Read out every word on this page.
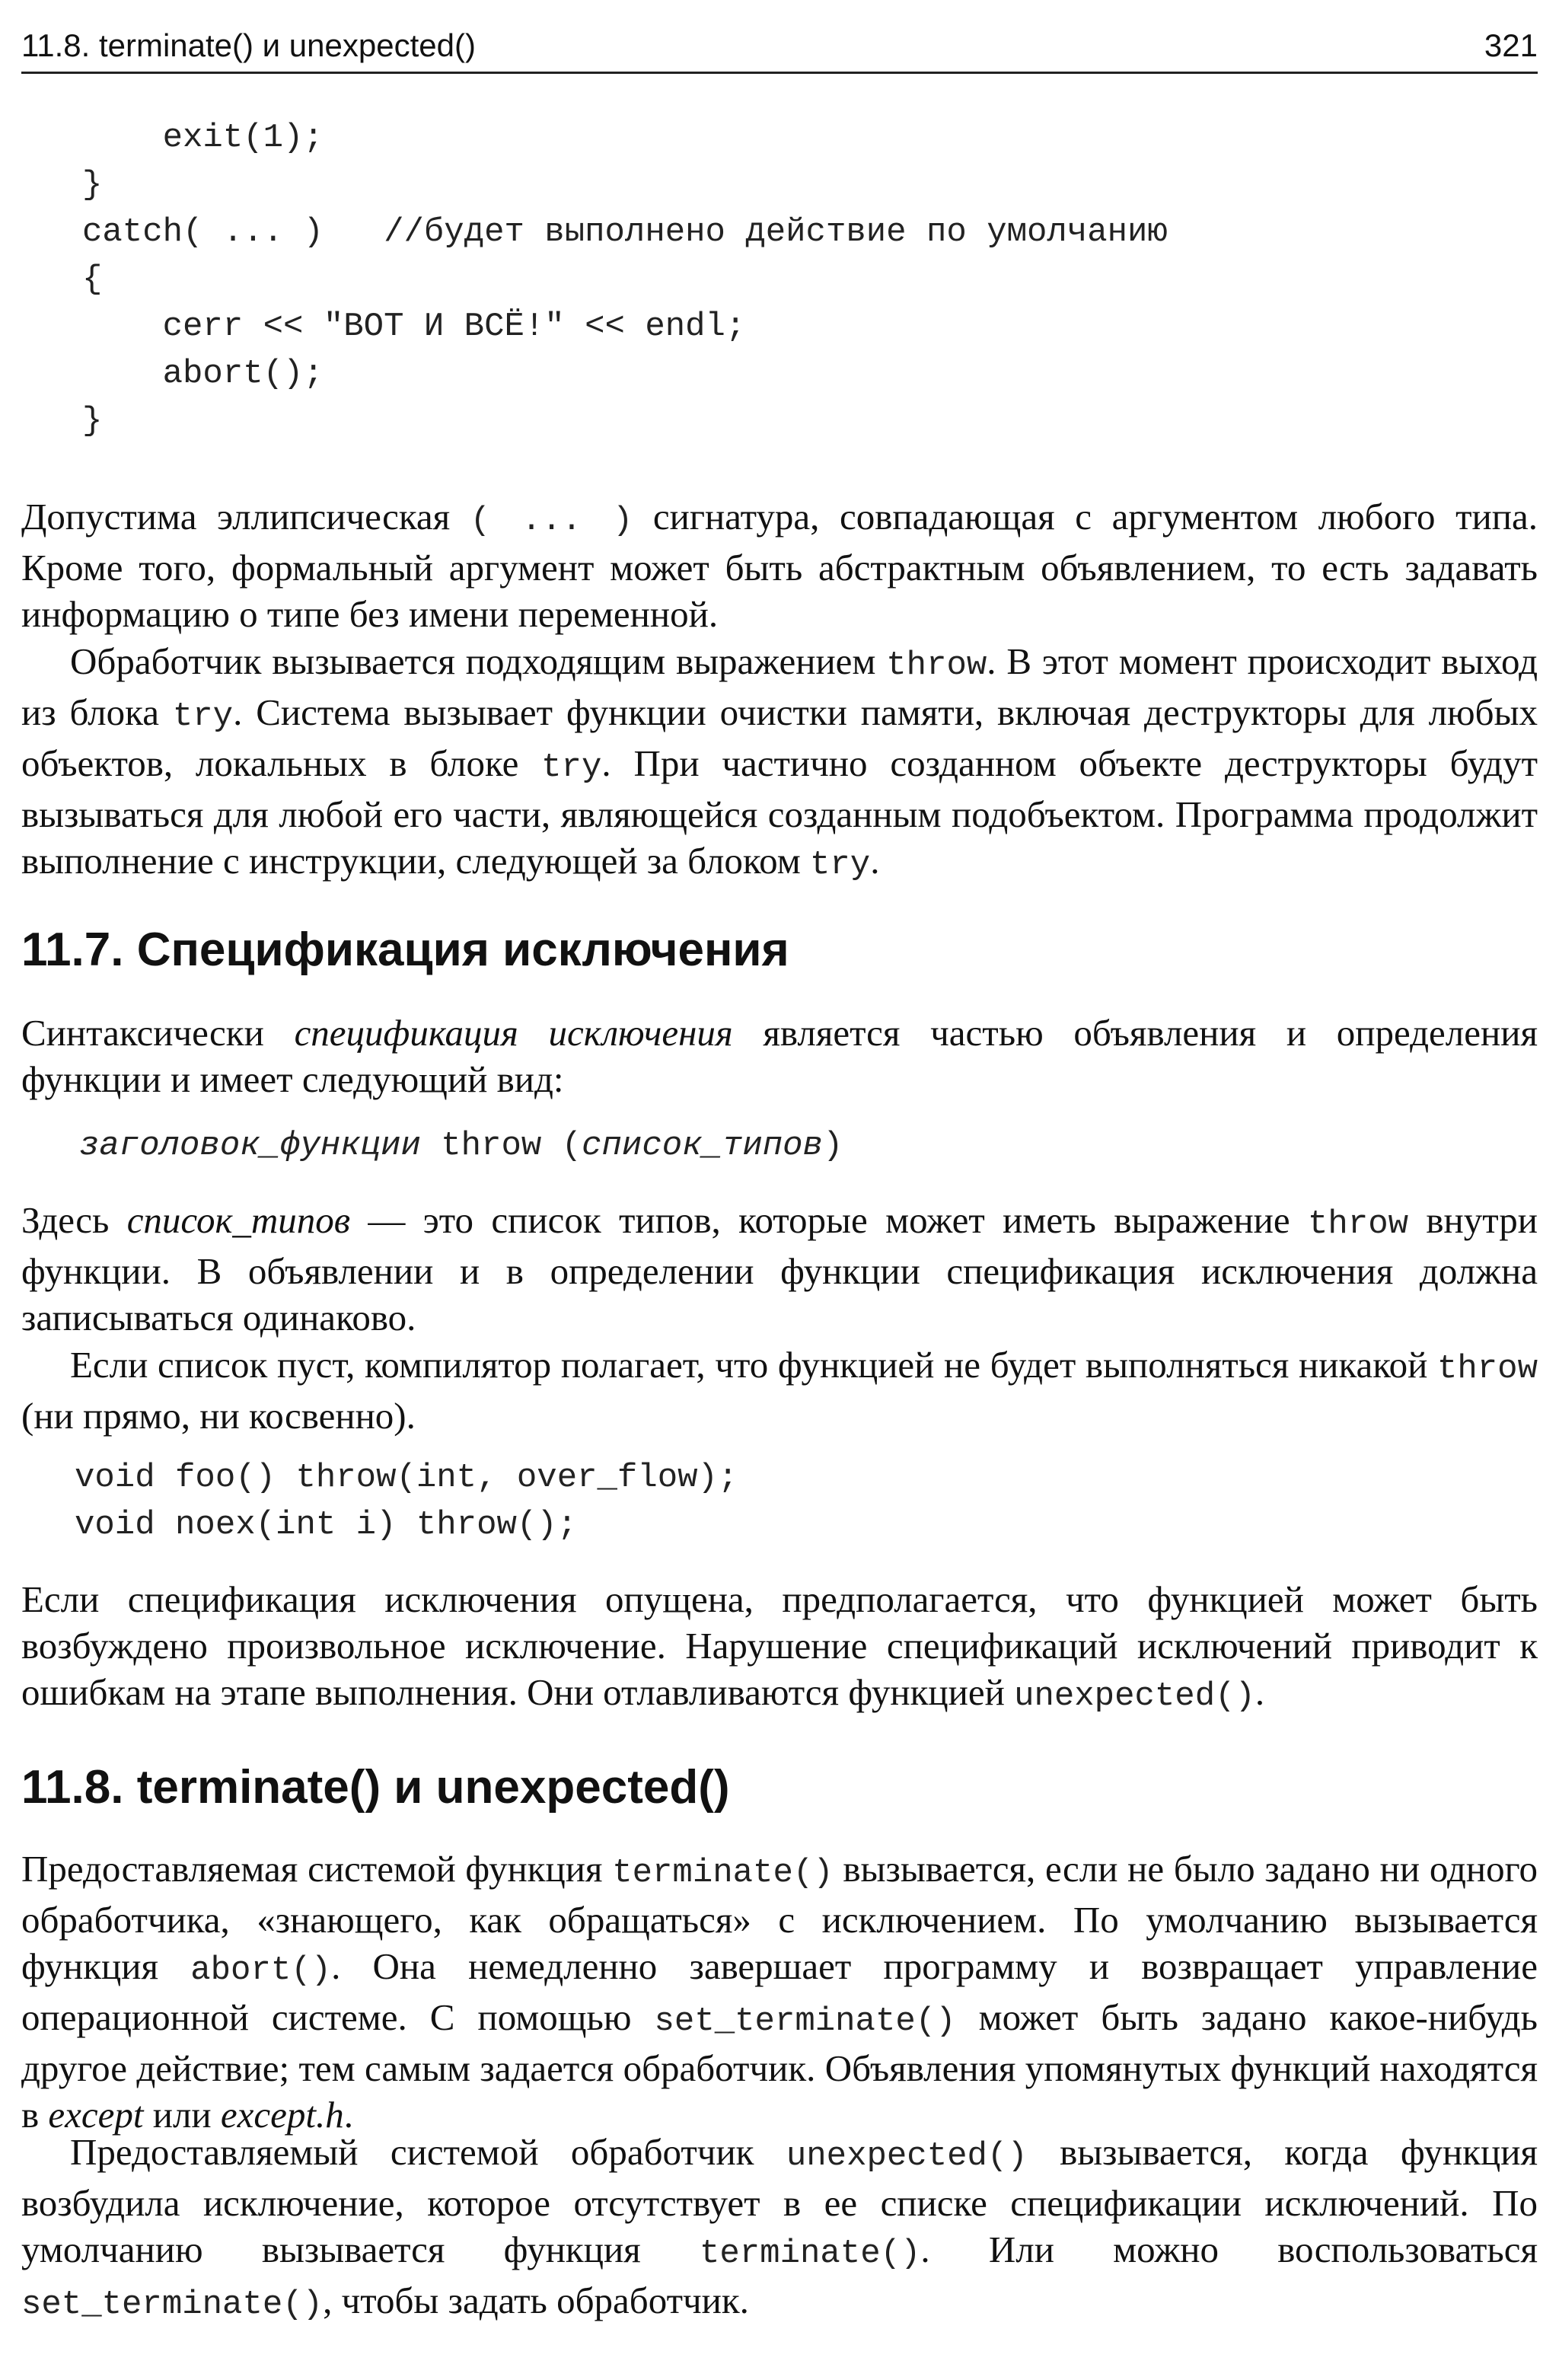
11.8. terminate() и unexpected()	321
exit(1);
}
catch( ... )   //будет выполнено действие по умолчанию
{
cerr << "ВОТ И ВСЁ!" << endl;
abort();
}
Допустима эллипсическая ( ... ) сигнатура, совпадающая с аргументом любого типа. Кроме того, формальный аргумент может быть абстрактным объявлением, то есть задавать информацию о типе без имени переменной.
Обработчик вызывается подходящим выражением throw. В этот момент происходит выход из блока try. Система вызывает функции очистки памяти, включая деструкторы для любых объектов, локальных в блоке try. При частично созданном объекте деструкторы будут вызываться для любой его части, являющейся созданным подобъектом. Программа продолжит выполнение с инструкции, следующей за блоком try.
11.7. Спецификация исключения
Синтаксически спецификация исключения является частью объявления и определения функции и имеет следующий вид:
заголовок_функции throw (список_типов)
Здесь список_типов — это список типов, которые может иметь выражение throw внутри функции. В объявлении и в определении функции спецификация исключения должна записываться одинаково.
Если список пуст, компилятор полагает, что функцией не будет выполняться никакой throw (ни прямо, ни косвенно).
void foo() throw(int, over_flow);
void noex(int i) throw();
Если спецификация исключения опущена, предполагается, что функцией может быть возбуждено произвольное исключение. Нарушение спецификаций исключений приводит к ошибкам на этапе выполнения. Они отлавливаются функцией unexpected().
11.8. terminate() и unexpected()
Предоставляемая системой функция terminate() вызывается, если не было задано ни одного обработчика, «знающего, как обращаться» с исключением. По умолчанию вызывается функция abort(). Она немедленно завершает программу и возвращает управление операционной системе. С помощью set_terminate() может быть задано какое-нибудь другое действие; тем самым задается обработчик. Объявления упомянутых функций находятся в except или except.h.
Предоставляемый системой обработчик unexpected() вызывается, когда функция возбудила исключение, которое отсутствует в ее списке спецификации исключений. По умолчанию вызывается функция terminate(). Или можно воспользоваться set_terminate(), чтобы задать обработчик.
